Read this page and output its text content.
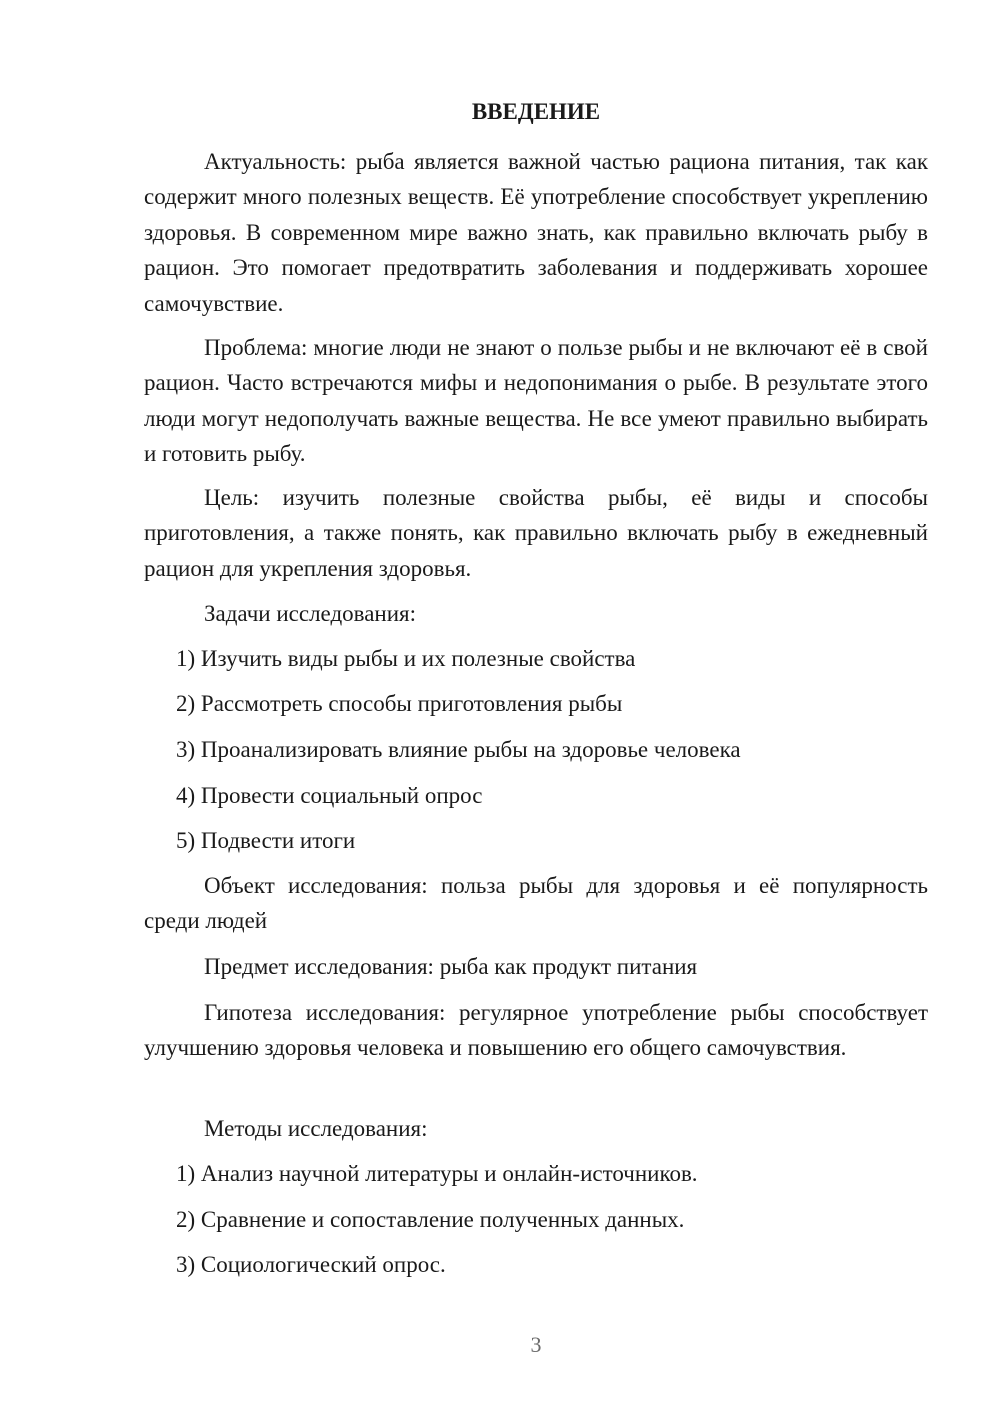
ВВЕДЕНИЕ

Актуальность: рыба является важной частью рациона питания, так как содержит много полезных веществ. Её употребление способствует укреплению здоровья. В современном мире важно знать, как правильно включать рыбу в рацион. Это помогает предотвратить заболевания и поддерживать хорошее самочувствие.

Проблема: многие люди не знают о пользе рыбы и не включают её в свой рацион. Часто встречаются мифы и недопонимания о рыбе. В результате этого люди могут недополучать важные вещества. Не все умеют правильно выбирать и готовить рыбу.

Цель: изучить полезные свойства рыбы, её виды и способы приготовления, а также понять, как правильно включать рыбу в ежедневный рацион для укрепления здоровья.

Задачи исследования:

1) Изучить виды рыбы и их полезные свойства

2) Рассмотреть способы приготовления рыбы

3) Проанализировать влияние рыбы на здоровье человека

4) Провести социальный опрос

5) Подвести итоги

Объект исследования: польза рыбы для здоровья и её популярность среди людей

Предмет исследования: рыба как продукт питания

Гипотеза исследования: регулярное употребление рыбы способствует улучшению здоровья человека и повышению его общего самочувствия.

Методы исследования:

1) Анализ научной литературы и онлайн-источников.

2) Сравнение и сопоставление полученных данных.

3) Социологический опрос.

3
